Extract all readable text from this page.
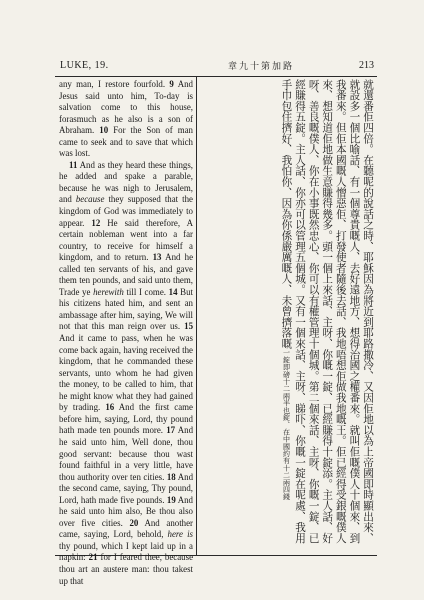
LUKE, 19.	章九十第加路	213

any man, I restore fourfold. 9 And Jesus said unto him, To-day is salvation come to this house, forasmuch as he also is a son of Abraham. 10 For the Son of man came to seek and to save that which was lost.

11 And as they heard these things, he added and spake a parable, because he was nigh to Jerusalem, and because they supposed that the kingdom of God was immediately to appear. 12 He said therefore, A certain nobleman went into a far country, to receive for himself a kingdom, and to return. 13 And he called ten servants of his, and gave them ten pounds, and said unto them, Trade ye herewith till I come. 14 But his citizens hated him, and sent an ambassage after him, saying, We will not that this man reign over us. 15 And it came to pass, when he was come back again, having received the kingdom, that he commanded these servants, unto whom he had given the money, to be called to him, that he might know what they had gained by trading. 16 And the first came before him, saying, Lord, thy pound hath made ten pounds more. 17 And he said unto him, Well done, thou good servant: because thou wast found faithful in a very little, have thou authority over ten cities. 18 And the second came, saying, Thy pound, Lord, hath made five pounds. 19 And he said unto him also, Be thou also over five cities. 20 And another came, saying, Lord, behold, here is thy pound, which I kept laid up in a napkin: 21 for I feared thee, because thou art an austere man: thou takest up that

就還番佢四倍。在聽呢的說話之時、耶穌因為將近到耶路撒冷、又因佢地以為上帝國即時顯出來、就設多一個比喻話、有一個尊貴嘅人、去好遠地方、想得治國之權番來。就叫佢嘅僕人十個來、到我番來。但佢本國嘅人憎惡佢、打發使者隨後去話、我地唔想佢做我地嘅王。佢已經得受銀嘅僕人來、想知道佢地做生意賺得幾多。頭一個上來話、主呀、你嘅一錠、已經賺得十錠添。主人話、好呀、善良嘅僕人、你在小事既然忠心、你可以有權管理十個城。第二個來話、主呀、你嘅一錠、已經賺得五錠。主人話、你亦可以管理五個城。又有一個來話、主呀、睇吓、你嘅一錠在呢處、我用手巾包住擠好、我怕你、因為你係嚴厲嘅人、未曾擠落嘅一錠即磅十二兩半也錠、在中國約有十二兩四錢
